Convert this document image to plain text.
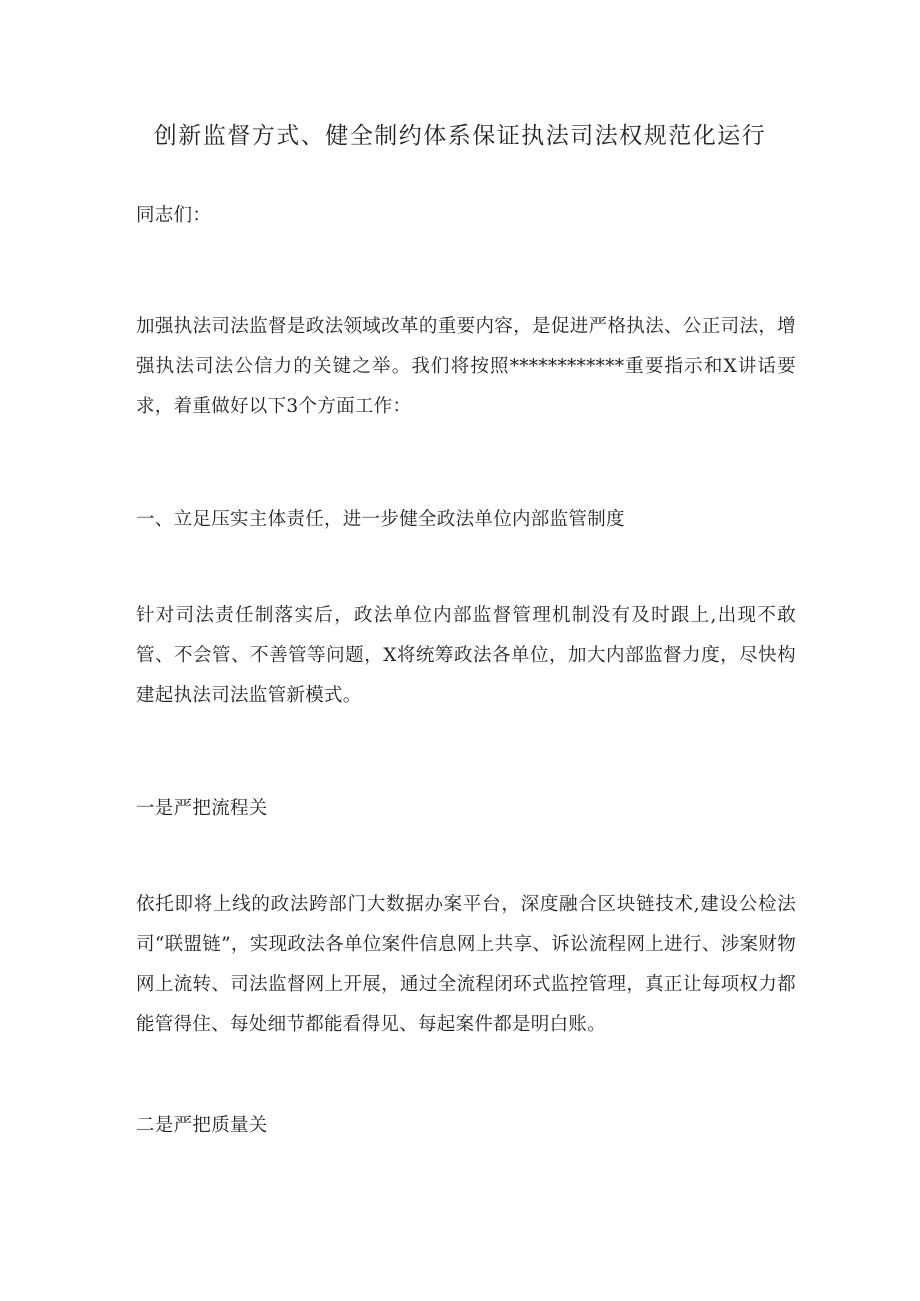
创新监督方式、健全制约体系保证执法司法权规范化运行
同志们：
加强执法司法监督是政法领域改革的重要内容，是促进严格执法、公正司法，增强执法司法公信力的关键之举。我们将按照************重要指示和X讲话要求，着重做好以下3个方面工作：
一、立足压实主体责任，进一步健全政法单位内部监管制度
针对司法责任制落实后，政法单位内部监督管理机制没有及时跟上,出现不敢管、不会管、不善管等问题，X将统筹政法各单位，加大内部监督力度，尽快构建起执法司法监管新模式。
一是严把流程关
依托即将上线的政法跨部门大数据办案平台，深度融合区块链技术,建设公检法司“联盟链”，实现政法各单位案件信息网上共享、诉讼流程网上进行、涉案财物网上流转、司法监督网上开展，通过全流程闭环式监控管理，真正让每项权力都能管得住、每处细节都能看得见、每起案件都是明白账。
二是严把质量关
